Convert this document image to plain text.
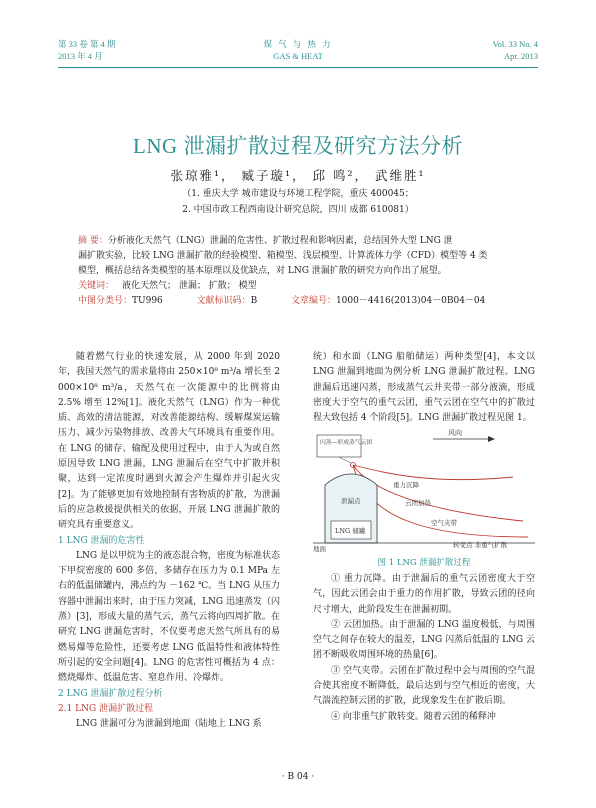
第 33 卷 第 4 期
2013 年 4 月
煤 气 与 热 力
GAS & HEAT
Vol. 33 No. 4
Apr. 2013
LNG 泄漏扩散过程及研究方法分析
张琼雅¹， 臧子璇¹， 邱 鸣²， 武维胜¹
（1. 重庆大学 城市建设与环境工程学院，重庆 400045；
2. 中国市政工程西南设计研究总院，四川 成都 610081）
摘 要：分析液化天然气（LNG）泄漏的危害性、扩散过程和影响因素，总结国外大型 LNG 泄
漏扩散实验，比较 LNG 泄漏扩散的经验模型、箱模型、浅层模型、计算流体力学（CFD）模型等 4 类
模型，概括总结各类模型的基本原理以及优缺点，对 LNG 泄漏扩散的研究方向作出了展望。
关键词： 液化天然气； 泄漏； 扩散； 模型
中图分类号：TU996	文献标识码：B	文章编号：1000－4416(2013)04－0B04－04

随着燃气行业的快速发展，从 2000 年到 2020 年，我国天然气的需求量将由 250×10⁸ m³/a 增长至 2 000×10⁸ m³/a，天然气在一次能源中的比例将由 2.5% 增至 12%[1]。液化天然气（LNG）作为一种优质、高效的清洁能源，对改善能源结构、缓解煤炭运输压力、减少污染物排放、改善大气环境具有重要作用。在 LNG 的储存、输配及使用过程中，由于人为或自然原因导致 LNG 泄漏，LNG 泄漏后在空气中扩散并积聚，达到一定浓度时遇到火源会产生爆炸并引起火灾[2]。为了能够更加有效地控制有害物质的扩散，为泄漏后的应急救援提供相关的依据，开展 LNG 泄漏扩散的研究具有重要意义。

1 LNG 泄漏的危害性

LNG 是以甲烷为主的液态混合物，密度为标准状态下甲烷密度的 600 多倍，多储存在压力为 0.1 MPa 左右的低温储罐内，沸点约为 －162 ℃。当 LNG 从压力容器中泄漏出来时，由于压力突减，LNG 迅速蒸发（闪蒸）[3]，形成大量的蒸气云，蒸气云将向四周扩散。在研究 LNG 泄漏危害时，不仅要考虑天然气所具有的易燃易爆等危险性，还要考虑 LNG 低温特性和液体特性所引起的安全问题[4]。LNG 的危害性可概括为 4 点：燃烧爆炸、低温危害、窒息作用、冷爆炸。

2 LNG 泄漏扩散过程分析

2.1 LNG 泄漏扩散过程

LNG 泄漏可分为泄漏到地面（陆地上 LNG 系

统）和水面（LNG 船舶储运）两种类型[4]，本文以 LNG 泄漏到地面为例分析 LNG 泄漏扩散过程。LNG 泄漏后迅速闪蒸，形成蒸气云并夹带一部分液滴，形成密度大于空气的重气云团，重气云团在空气中的扩散过程大致包括 4 个阶段[5]。LNG 泄漏扩散过程见图 1。

风向
闪蒸—形成蒸气云团
LNG 储罐
泄漏点
重力沉降
云团加热
空气夹带
转变点 非重气扩散
地面
图 1 LNG 泄漏扩散过程

① 重力沉降。由于泄漏后的重气云团密度大于空气，因此云团会由于重力的作用扩散，导致云团的径向尺寸增大，此阶段发生在泄漏初期。

② 云团加热。由于泄漏的 LNG 温度极低，与周围空气之间存在较大的温差，LNG 闪蒸后低温的 LNG 云团不断吸收周围环境的热量[6]。

③ 空气夹带。云团在扩散过程中会与周围的空气混合使其密度不断降低，最后达到与空气相近的密度，大气湍流控制云团的扩散，此现象发生在扩散后期。

④ 向非重气扩散转变。随着云团的稀释冲

· B 04 ·
